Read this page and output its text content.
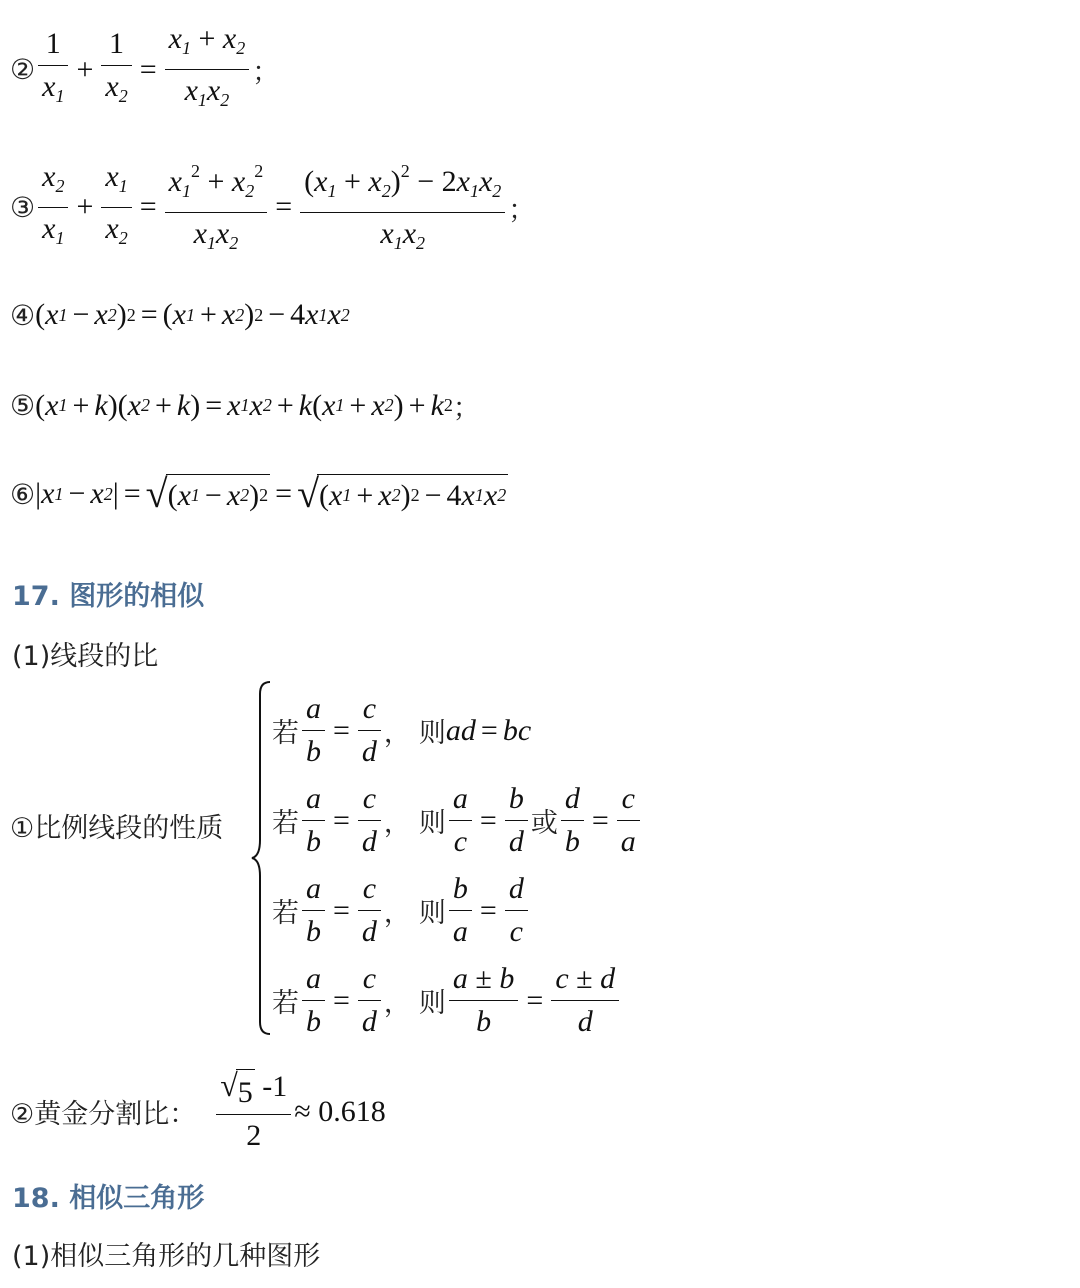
② $\frac{1}{x_1} + \frac{1}{x_2} = \frac{x_1 + x_2}{x_1x_2}$ ；
③ $\frac{x_2}{x_1} + \frac{x_1}{x_2} = \frac{x_1^2 + x_2^2}{x_1x_2} = \frac{(x_1 + x_2)^2 - 2x_1x_2}{x_1x_2}$ ；
④ ( x 1 − x 2 ) 2 = ( x 1 + x 2 ) 2 − 4 x 1 x 2
⑤ ( x 1 + k )( x 2 + k ) = x 1 x 2 + k ( x 1 + x 2 ) + k 2 ；
⑥ | x 1 − x 2 | = √ ( x 1 − x 2 ) 2 = √ ( x 1 + x 2 ) 2 − 4 x 1 x 2
17. 图形的相似
(1)线段的比
①比例线段的性质
若 $\frac{a}{b} = \frac{c}{d}$ ， 则 ad = bc
若 $\frac{a}{b} = \frac{c}{d}$ ， 则 $\frac{a}{c} = \frac{b}{d}$ 或 $\frac{d}{b} = \frac{c}{a}$
若 $\frac{a}{b} = \frac{c}{d}$ ， 则 $\frac{b}{a} = \frac{d}{c}$
若 $\frac{a}{b} = \frac{c}{d}$ ， 则 $\frac{a \pm b}{b} = \frac{c \pm d}{d}$
②黄金分割比： $\frac{√ 5 -1}{2} \approx 0.618$
18. 相似三角形
(1)相似三角形的几种图形
